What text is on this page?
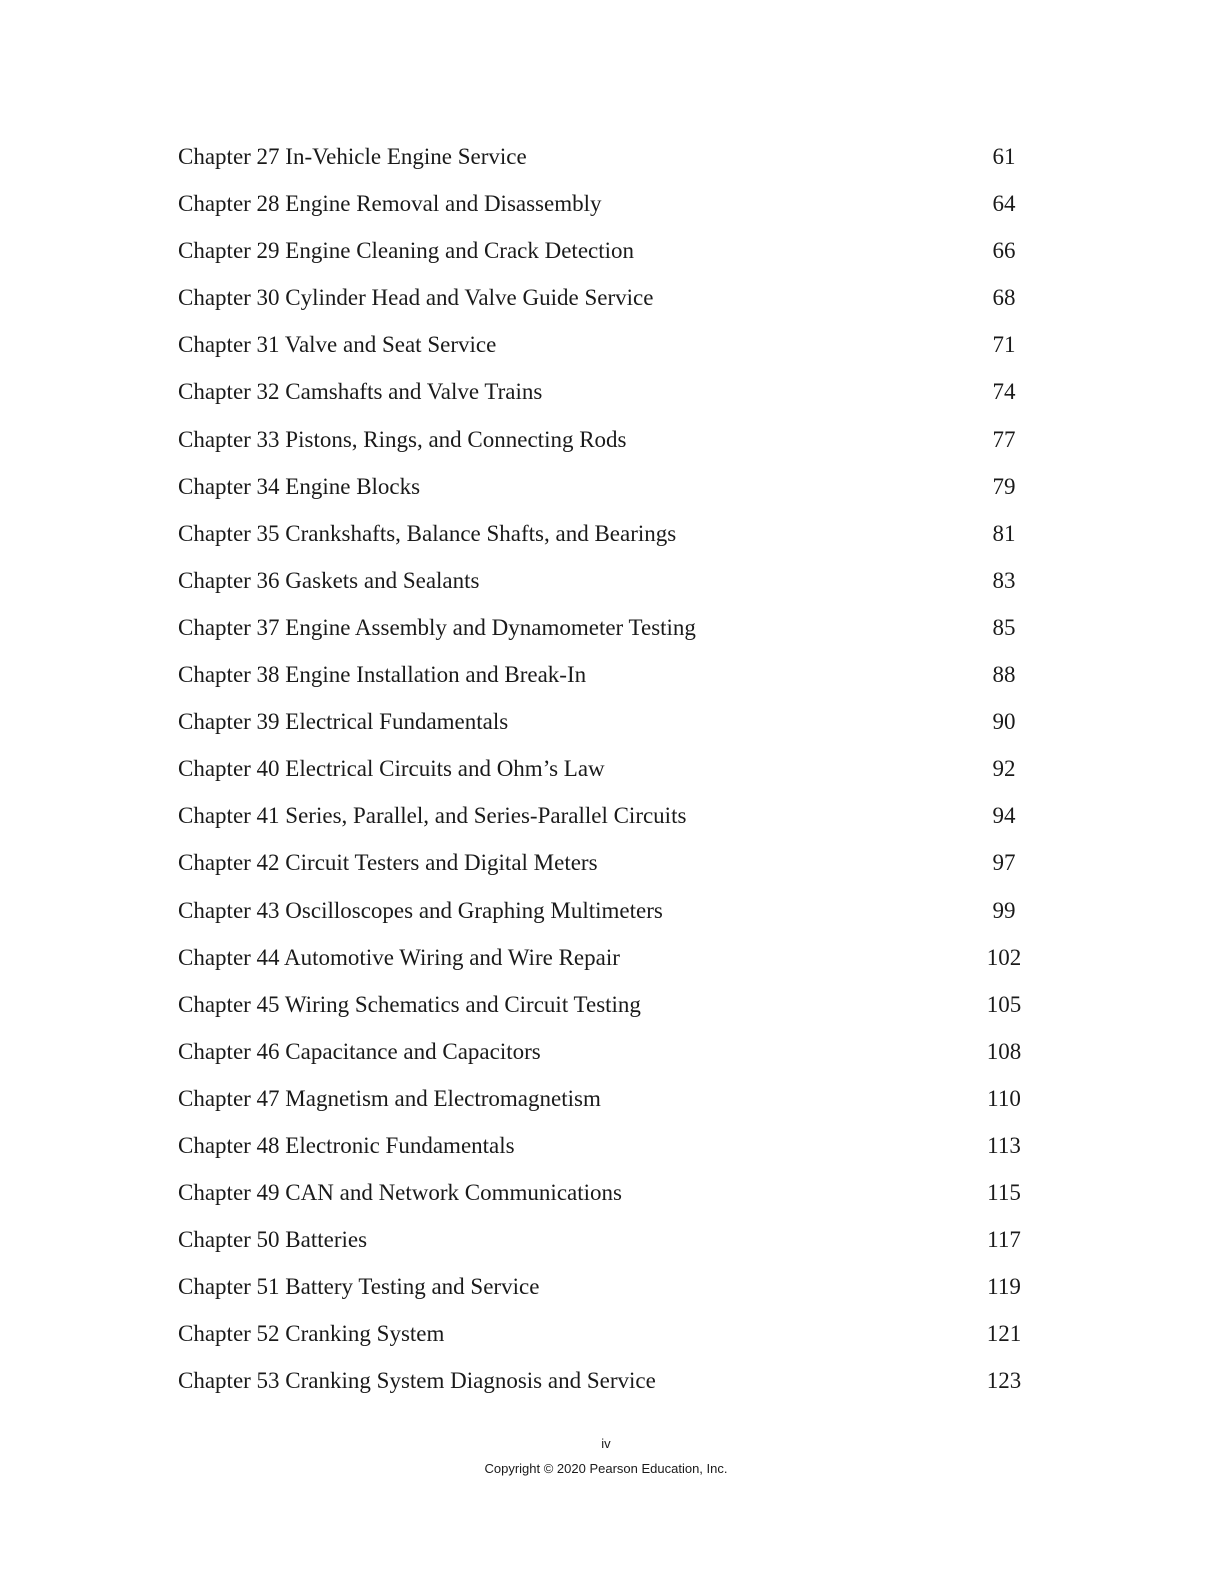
Chapter 27 In-Vehicle Engine Service	61
Chapter 28 Engine Removal and Disassembly	64
Chapter 29 Engine Cleaning and Crack Detection	66
Chapter 30 Cylinder Head and Valve Guide Service	68
Chapter 31 Valve and Seat Service	71
Chapter 32 Camshafts and Valve Trains	74
Chapter 33 Pistons, Rings, and Connecting Rods	77
Chapter 34 Engine Blocks	79
Chapter 35 Crankshafts, Balance Shafts, and Bearings	81
Chapter 36 Gaskets and Sealants	83
Chapter 37 Engine Assembly and Dynamometer Testing	85
Chapter 38 Engine Installation and Break-In	88
Chapter 39 Electrical Fundamentals	90
Chapter 40 Electrical Circuits and Ohm’s Law	92
Chapter 41 Series, Parallel, and Series-Parallel Circuits	94
Chapter 42 Circuit Testers and Digital Meters	97
Chapter 43 Oscilloscopes and Graphing Multimeters	99
Chapter 44 Automotive Wiring and Wire Repair	102
Chapter 45 Wiring Schematics and Circuit Testing	105
Chapter 46 Capacitance and Capacitors	108
Chapter 47 Magnetism and Electromagnetism	110
Chapter 48 Electronic Fundamentals	113
Chapter 49 CAN and Network Communications	115
Chapter 50 Batteries	117
Chapter 51 Battery Testing and Service	119
Chapter 52 Cranking System	121
Chapter 53 Cranking System Diagnosis and Service	123
iv
Copyright © 2020 Pearson Education, Inc.
